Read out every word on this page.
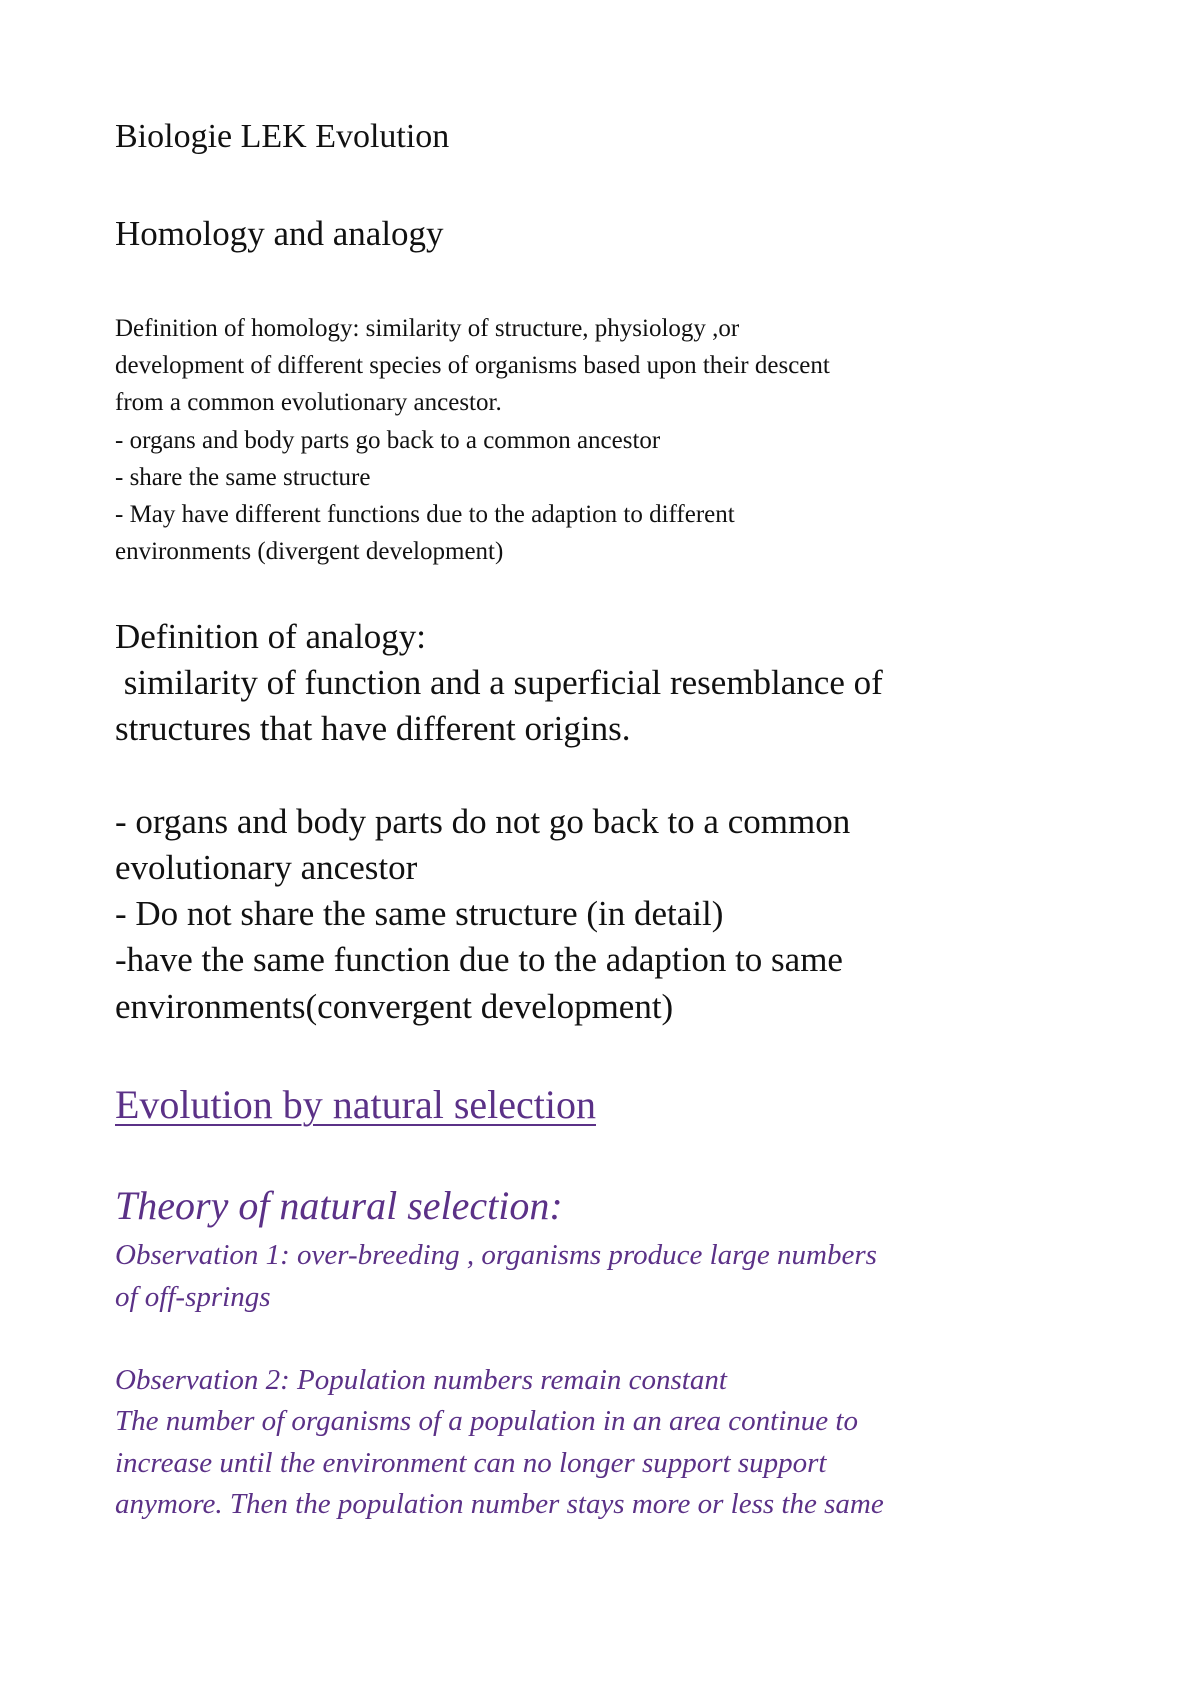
Biologie LEK Evolution
Homology and analogy
Definition of homology: similarity of structure, physiology ,or
development of different species of organisms based upon their descent
from a common evolutionary ancestor.
- organs and body parts go back to a common ancestor
- share the same structure
- May have different functions due to the adaption to different
environments (divergent development)
Definition of analogy:
similarity of function and a superficial resemblance of
structures that have different origins.
- organs and body parts do not go back to a common
evolutionary ancestor
- Do not share the same structure (in detail)
-have the same function due to the adaption to same
environments(convergent development)
Evolution by natural selection
Theory of natural selection:
Observation 1: over-breeding , organisms produce large numbers
of off-springs
Observation 2: Population numbers remain constant
The number of organisms of a population in an area continue to
increase until the environment can no longer support support
anymore. Then the population number stays more or less the same
